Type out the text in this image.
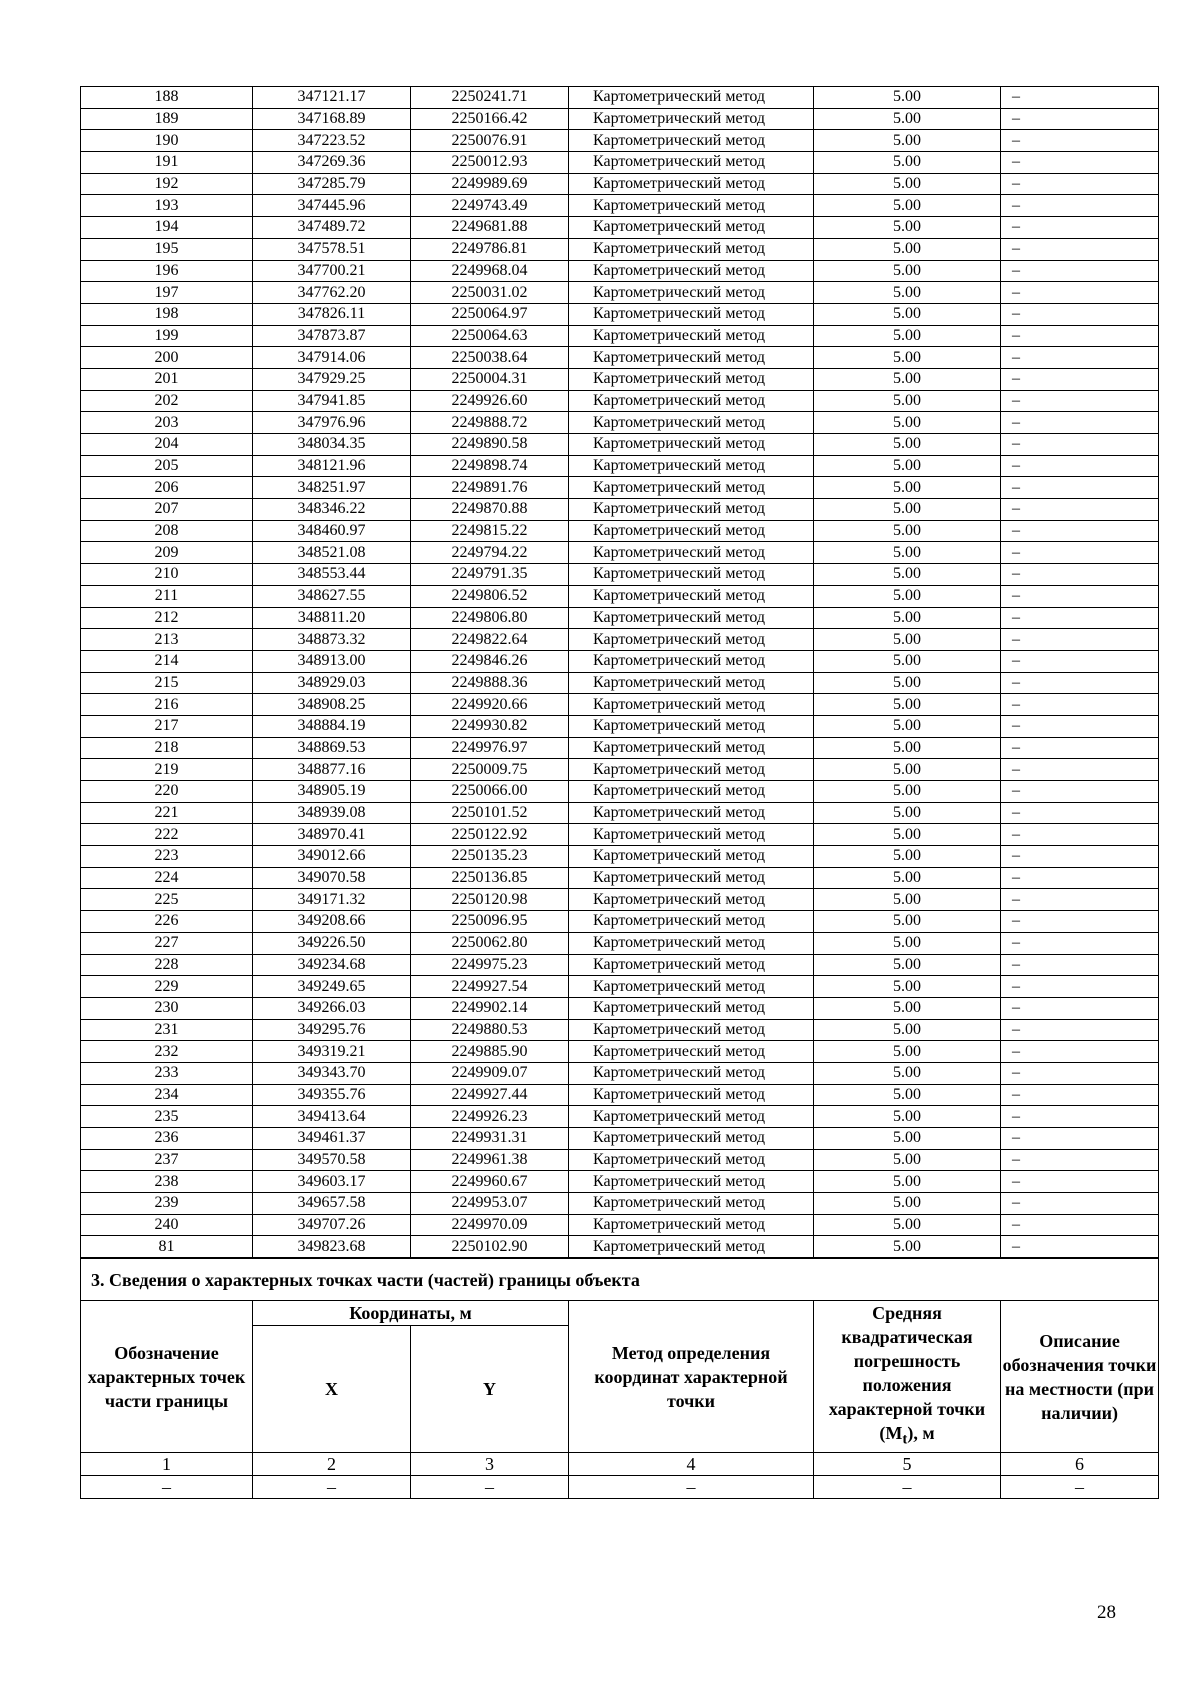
188	347121.17	2250241.71	Картометрический метод	5.00	–
189	347168.89	2250166.42	Картометрический метод	5.00	–
190	347223.52	2250076.91	Картометрический метод	5.00	–
191	347269.36	2250012.93	Картометрический метод	5.00	–
192	347285.79	2249989.69	Картометрический метод	5.00	–
193	347445.96	2249743.49	Картометрический метод	5.00	–
194	347489.72	2249681.88	Картометрический метод	5.00	–
195	347578.51	2249786.81	Картометрический метод	5.00	–
196	347700.21	2249968.04	Картометрический метод	5.00	–
197	347762.20	2250031.02	Картометрический метод	5.00	–
198	347826.11	2250064.97	Картометрический метод	5.00	–
199	347873.87	2250064.63	Картометрический метод	5.00	–
200	347914.06	2250038.64	Картометрический метод	5.00	–
201	347929.25	2250004.31	Картометрический метод	5.00	–
202	347941.85	2249926.60	Картометрический метод	5.00	–
203	347976.96	2249888.72	Картометрический метод	5.00	–
204	348034.35	2249890.58	Картометрический метод	5.00	–
205	348121.96	2249898.74	Картометрический метод	5.00	–
206	348251.97	2249891.76	Картометрический метод	5.00	–
207	348346.22	2249870.88	Картометрический метод	5.00	–
208	348460.97	2249815.22	Картометрический метод	5.00	–
209	348521.08	2249794.22	Картометрический метод	5.00	–
210	348553.44	2249791.35	Картометрический метод	5.00	–
211	348627.55	2249806.52	Картометрический метод	5.00	–
212	348811.20	2249806.80	Картометрический метод	5.00	–
213	348873.32	2249822.64	Картометрический метод	5.00	–
214	348913.00	2249846.26	Картометрический метод	5.00	–
215	348929.03	2249888.36	Картометрический метод	5.00	–
216	348908.25	2249920.66	Картометрический метод	5.00	–
217	348884.19	2249930.82	Картометрический метод	5.00	–
218	348869.53	2249976.97	Картометрический метод	5.00	–
219	348877.16	2250009.75	Картометрический метод	5.00	–
220	348905.19	2250066.00	Картометрический метод	5.00	–
221	348939.08	2250101.52	Картометрический метод	5.00	–
222	348970.41	2250122.92	Картометрический метод	5.00	–
223	349012.66	2250135.23	Картометрический метод	5.00	–
224	349070.58	2250136.85	Картометрический метод	5.00	–
225	349171.32	2250120.98	Картометрический метод	5.00	–
226	349208.66	2250096.95	Картометрический метод	5.00	–
227	349226.50	2250062.80	Картометрический метод	5.00	–
228	349234.68	2249975.23	Картометрический метод	5.00	–
229	349249.65	2249927.54	Картометрический метод	5.00	–
230	349266.03	2249902.14	Картометрический метод	5.00	–
231	349295.76	2249880.53	Картометрический метод	5.00	–
232	349319.21	2249885.90	Картометрический метод	5.00	–
233	349343.70	2249909.07	Картометрический метод	5.00	–
234	349355.76	2249927.44	Картометрический метод	5.00	–
235	349413.64	2249926.23	Картометрический метод	5.00	–
236	349461.37	2249931.31	Картометрический метод	5.00	–
237	349570.58	2249961.38	Картометрический метод	5.00	–
238	349603.17	2249960.67	Картометрический метод	5.00	–
239	349657.58	2249953.07	Картометрический метод	5.00	–
240	349707.26	2249970.09	Картометрический метод	5.00	–
81	349823.68	2250102.90	Картометрический метод	5.00	–
3. Сведения о характерных точках части (частей) границы объекта					
Обозначение характерных точек части границы	Координаты, м		Метод определения координат характерной точки	Средняя квадратическая погрешность положения характерной точки $(M_t)$, м	Описание обозначения точки на местности (при наличии)
	X	Y			
1	2	3	4	5	6
–	–	–	–	–	–
28
